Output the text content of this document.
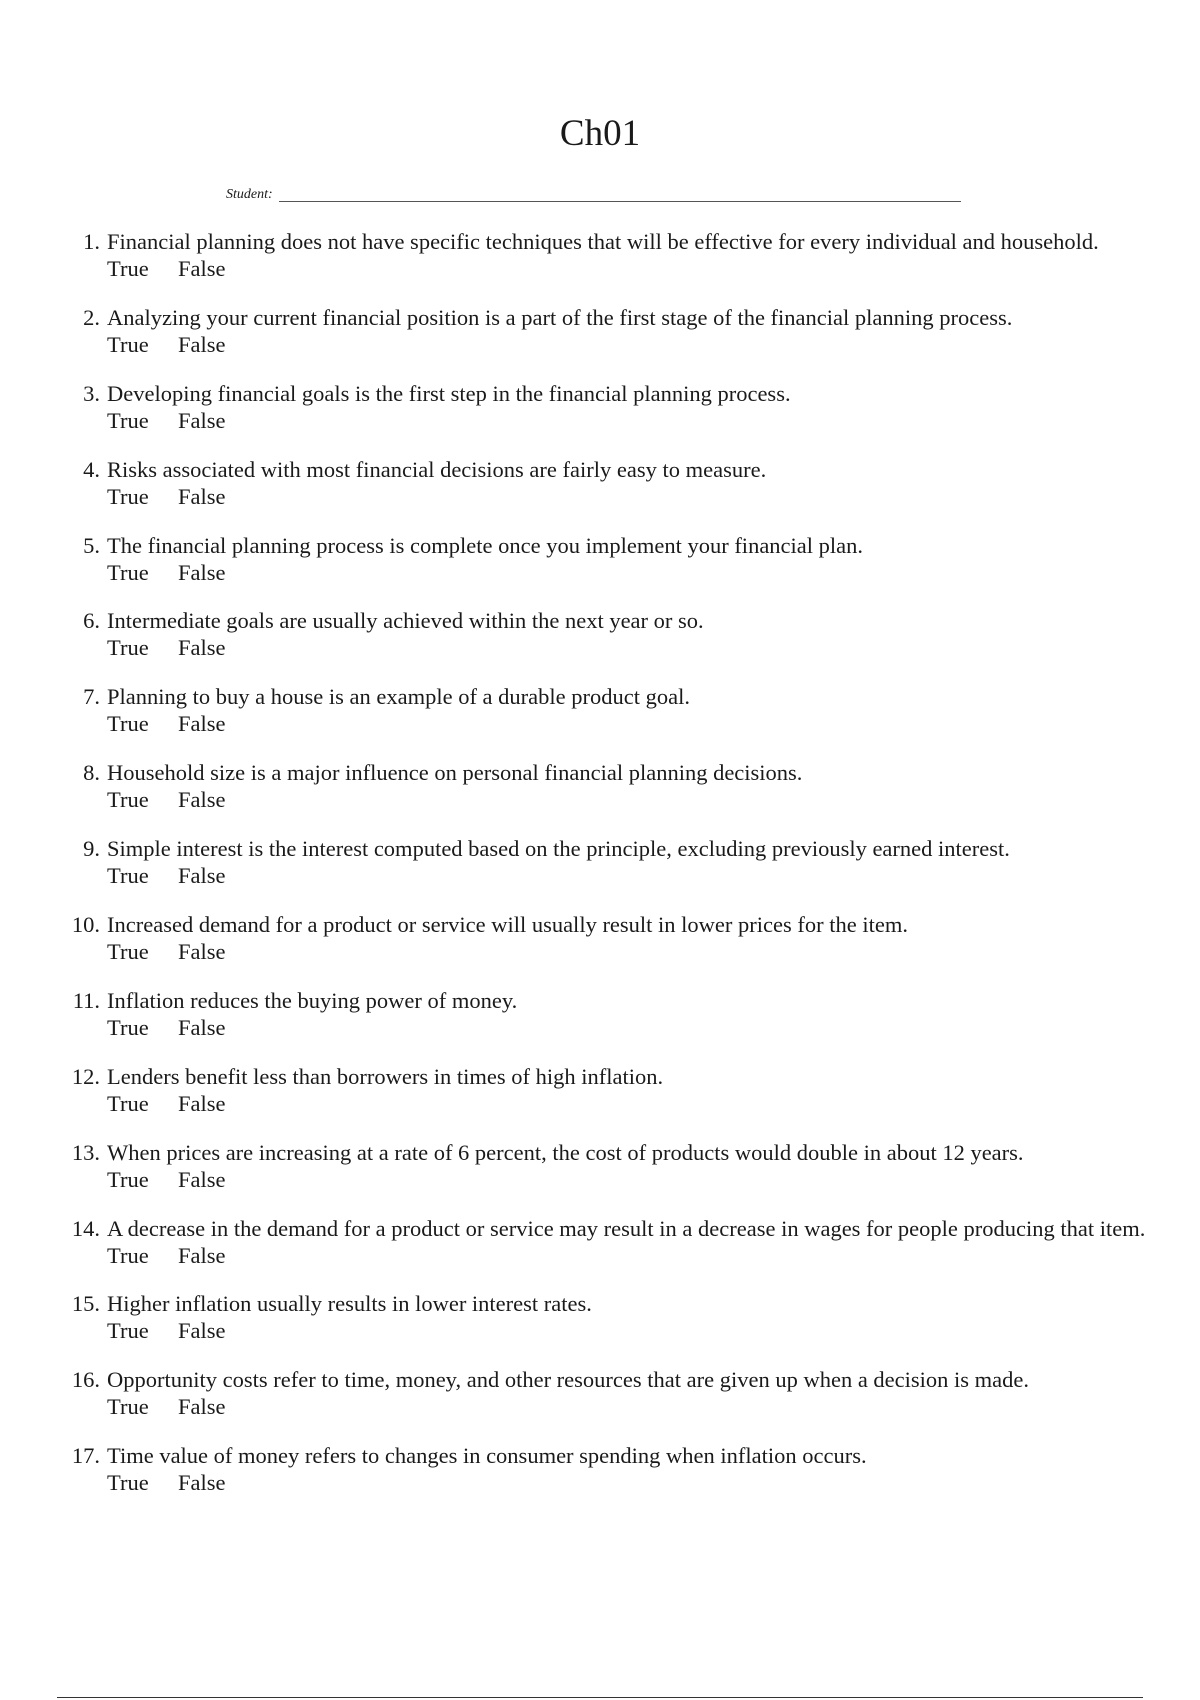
Ch01
Student:
1 . Financial planning does not have specific techniques that will be effective for every individual and household.
True False
2 . Analyzing your current financial position is a part of the first stage of the financial planning process.
True False
3 . Developing financial goals is the first step in the financial planning process.
True False
4 . Risks associated with most financial decisions are fairly easy to measure.
True False
5 . The financial planning process is complete once you implement your financial plan.
True False
6 . Intermediate goals are usually achieved within the next year or so.
True False
7 . Planning to buy a house is an example of a durable product goal.
True False
8 . Household size is a major influence on personal financial planning decisions.
True False
9 . Simple interest is the interest computed based on the principle, excluding previously earned interest.
True False
10 . Increased demand for a product or service will usually result in lower prices for the item.
True False
11 . Inflation reduces the buying power of money.
True False
12 . Lenders benefit less than borrowers in times of high inflation.
True False
13 . When prices are increasing at a rate of 6 percent, the cost of products would double in about 12 years.
True False
14 . A decrease in the demand for a product or service may result in a decrease in wages for people producing that item.
True False
15 . Higher inflation usually results in lower interest rates.
True False
16 . Opportunity costs refer to time, money, and other resources that are given up when a decision is made.
True False
17 . Time value of money refers to changes in consumer spending when inflation occurs.
True False
